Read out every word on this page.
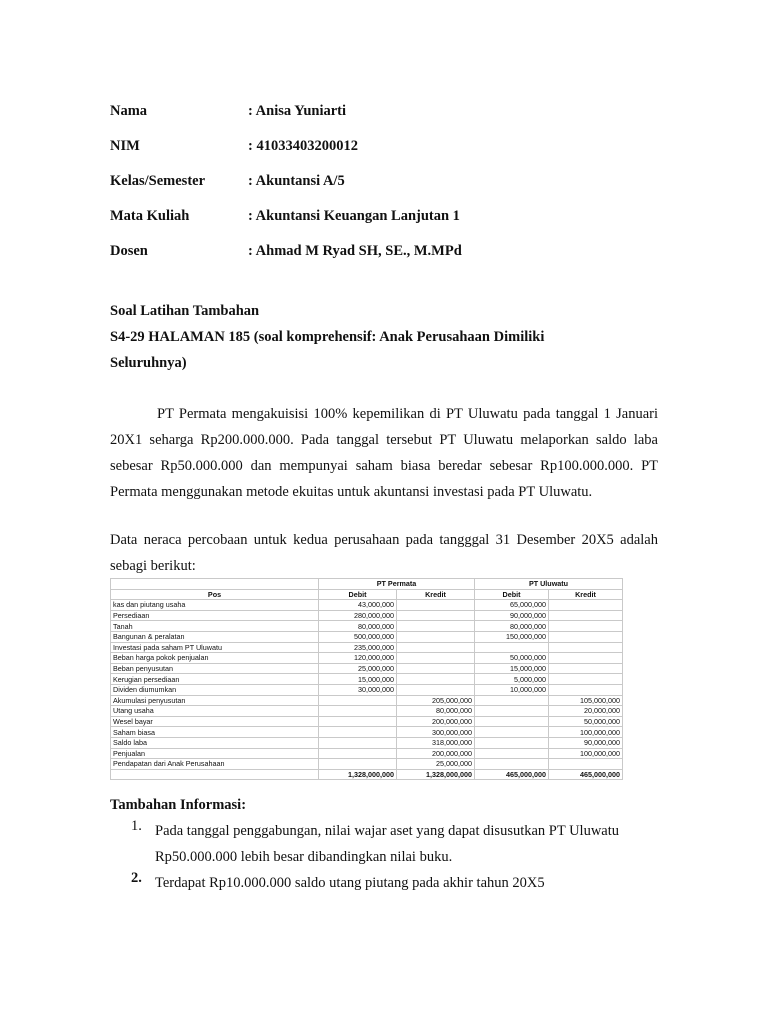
Nama	: Anisa Yuniarti
NIM	: 41033403200012
Kelas/Semester	: Akuntansi A/5
Mata Kuliah	: Akuntansi Keuangan Lanjutan 1
Dosen	: Ahmad M Ryad SH, SE., M.MPd
Soal Latihan Tambahan
S4-29 HALAMAN 185 (soal komprehensif: Anak Perusahaan Dimiliki
Seluruhnya)
PT Permata mengakuisisi 100% kepemilikan di PT Uluwatu pada tanggal 1 Januari 20X1 seharga Rp200.000.000. Pada tanggal tersebut PT Uluwatu melaporkan saldo laba sebesar Rp50.000.000 dan mempunyai saham biasa beredar sebesar Rp100.000.000. PT Permata menggunakan metode ekuitas untuk akuntansi investasi pada PT Uluwatu.
Data neraca percobaan untuk kedua perusahaan pada tangggal 31 Desember 20X5 adalah sebagi berikut:
	PT Permata		PT Uluwatu	
Pos	Debit	Kredit	Debit	Kredit
kas dan piutang usaha	43,000,000		65,000,000	
Persediaan	280,000,000		90,000,000	
Tanah	80,000,000		80,000,000	
Bangunan & peralatan	500,000,000		150,000,000	
Investasi pada saham PT Uluwatu	235,000,000			
Beban harga pokok penjualan	120,000,000		50,000,000	
Beban penyusutan	25,000,000		15,000,000	
Kerugian persediaan	15,000,000		5,000,000	
Dividen diumumkan	30,000,000		10,000,000	
Akumulasi penyusutan		205,000,000		105,000,000
Utang usaha		80,000,000		20,000,000
Wesel bayar		200,000,000		50,000,000
Saham biasa		300,000,000		100,000,000
Saldo laba		318,000,000		90,000,000
Penjualan		200,000,000		100,000,000
Pendapatan dari Anak Perusahaan		25,000,000		
	1,328,000,000	1,328,000,000	465,000,000	465,000,000
Tambahan Informasi:
1. Pada tanggal penggabungan, nilai wajar aset yang dapat disusutkan PT Uluwatu Rp50.000.000 lebih besar dibandingkan nilai buku.
2. Terdapat Rp10.000.000 saldo utang piutang pada akhir tahun 20X5
